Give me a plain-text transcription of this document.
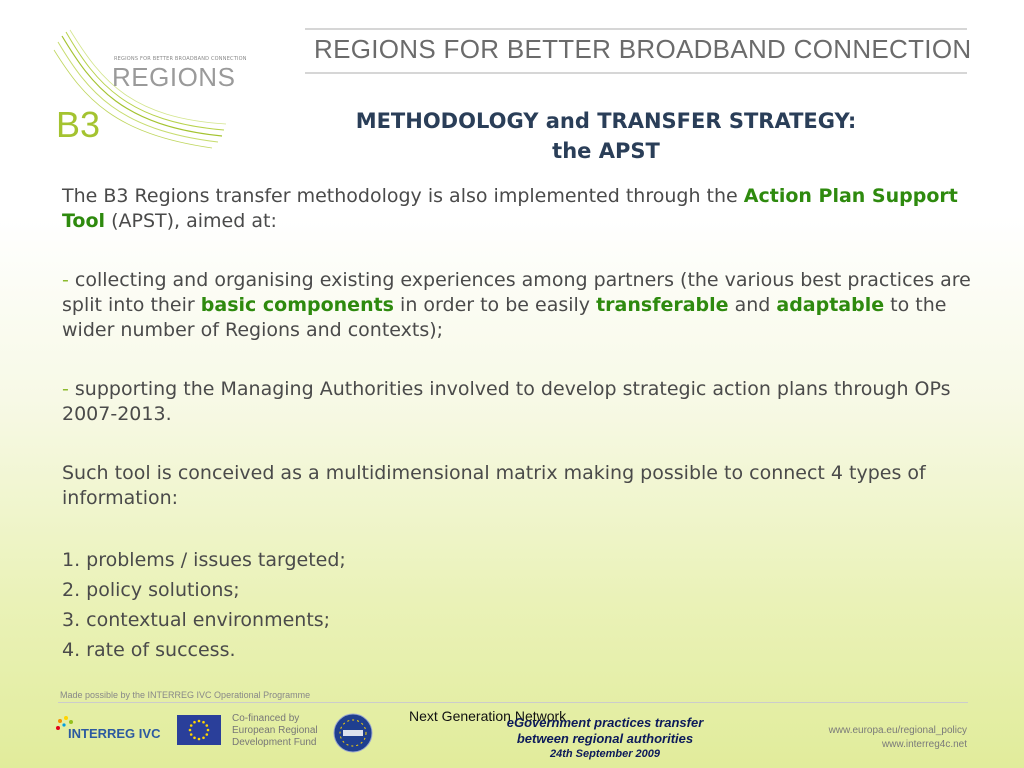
REGIONS FOR BETTER BROADBAND CONNECTION
REGIONS
B3
REGIONS FOR BETTER BROADBAND CONNECTION
METHODOLOGY and TRANSFER STRATEGY:
the APST

The B3 Regions transfer methodology is also implemented through the Action Plan Support Tool (APST), aimed at:

- collecting and organising existing experiences among partners (the various best practices are split into their basic components in order to be easily transferable and adaptable to the wider number of Regions and contexts);

- supporting the Managing Authorities involved to develop strategic action plans through OPs 2007-2013.

Such tool is conceived as a multidimensional matrix making possible to connect 4 types of information:

1. problems / issues targeted;

2. policy solutions;

3. contextual environments;

4. rate of success.

Made possible by the INTERREG IVC Operational Programme
INTERREG IVC
Co-financed by
European Regional
Development Fund
Next Generation Network
eGovernment practices transfer
between regional authorities
24th September 2009
www.europa.eu/regional_policy
www.interreg4c.net
